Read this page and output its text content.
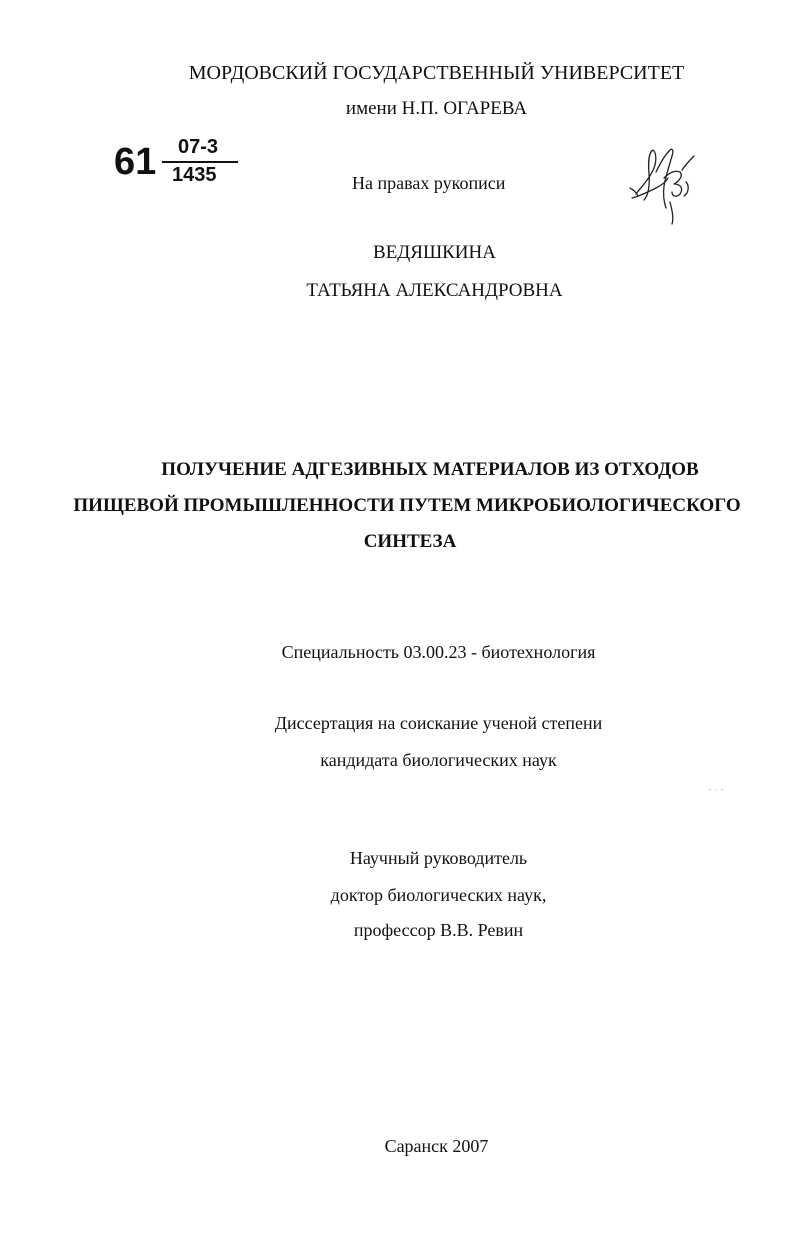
МОРДОВСКИЙ ГОСУДАРСТВЕННЫЙ УНИВЕРСИТЕТ
имени Н.П. ОГАРЕВА
61 07-3
1435	На правах рукописи
ВЕДЯШКИНА
ТАТЬЯНА АЛЕКСАНДРОВНА
ПОЛУЧЕНИЕ АДГЕЗИВНЫХ МАТЕРИАЛОВ ИЗ ОТХОДОВ
ПИЩЕВОЙ ПРОМЫШЛЕННОСТИ ПУТЕМ МИКРОБИОЛОГИЧЕСКОГО
СИНТЕЗА
Специальность 03.00.23 - биотехнология
Диссертация на соискание ученой степени
кандидата биологических наук
Научный руководитель
доктор биологических наук,
профессор В.В. Ревин
Саранск 2007
